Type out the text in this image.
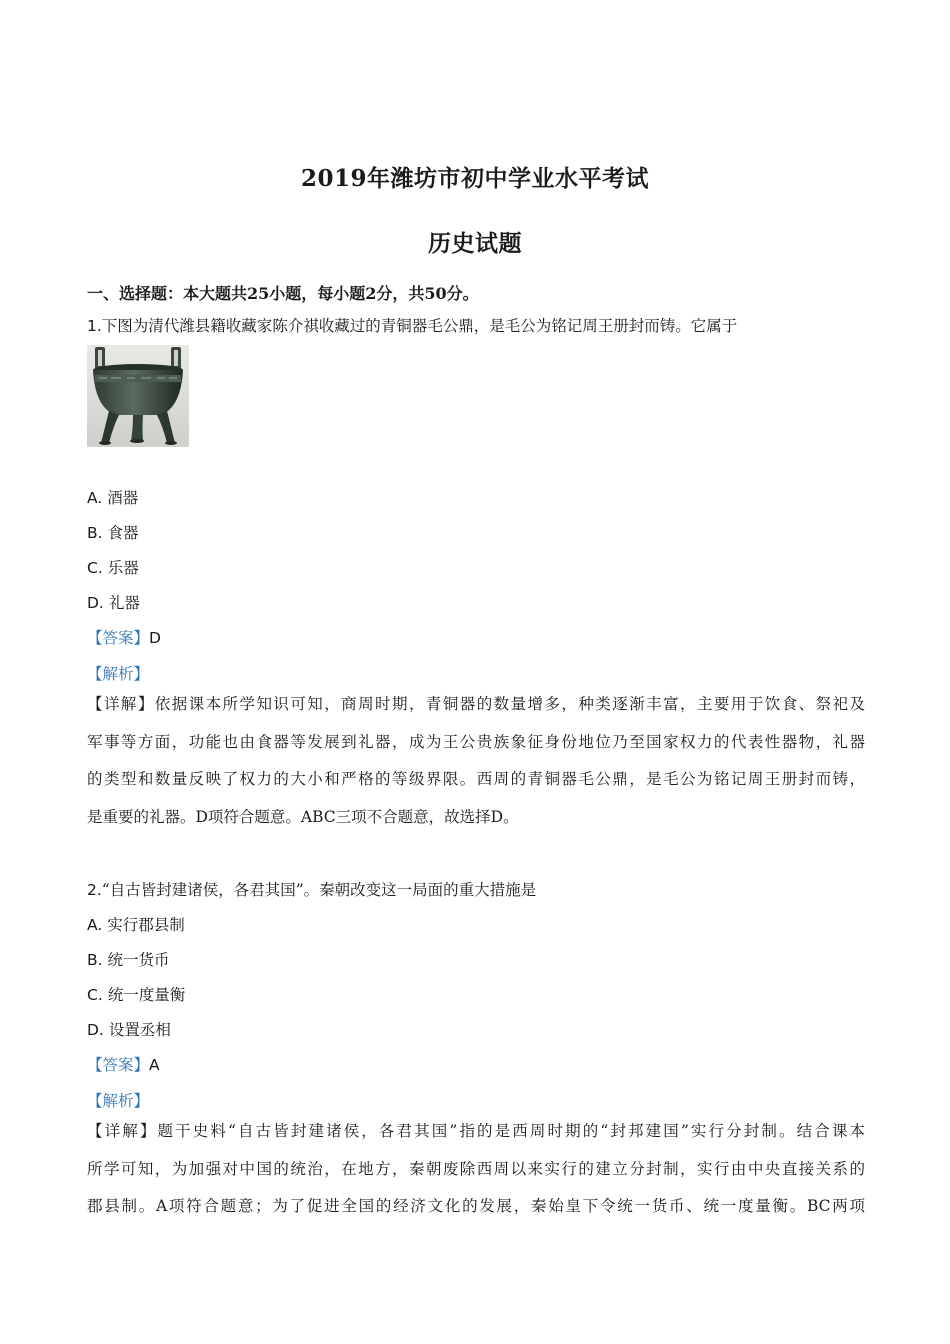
2019年潍坊市初中学业水平考试
历史试题
一、选择题：本大题共25小题，每小题2分，共50分。
1.下图为清代潍县籍收藏家陈介祺收藏过的青铜器毛公鼎，是毛公为铭记周王册封而铸。它属于
A. 酒器
B. 食器
C. 乐器
D. 礼器
【答案】D
【解析】
【详解】依据课本所学知识可知，商周时期，青铜器的数量增多，种类逐渐丰富，主要用于饮食、祭祀及
军事等方面，功能也由食器等发展到礼器，成为王公贵族象征身份地位乃至国家权力的代表性器物，礼器
的类型和数量反映了权力的大小和严格的等级界限。西周的青铜器毛公鼎，是毛公为铭记周王册封而铸，
是重要的礼器。D项符合题意。ABC三项不合题意，故选择D。
2.“自古皆封建诸侯，各君其国”。秦朝改变这一局面的重大措施是
A. 实行郡县制
B. 统一货币
C. 统一度量衡
D. 设置丞相
【答案】A
【解析】
【详解】题干史料“自古皆封建诸侯，各君其国”指的是西周时期的“封邦建国”实行分封制。结合课本
所学可知，为加强对中国的统治，在地方，秦朝废除西周以来实行的建立分封制，实行由中央直接关系的
郡县制。A项符合题意；为了促进全国的经济文化的发展，秦始皇下令统一货币、统一度量衡。BC两项
